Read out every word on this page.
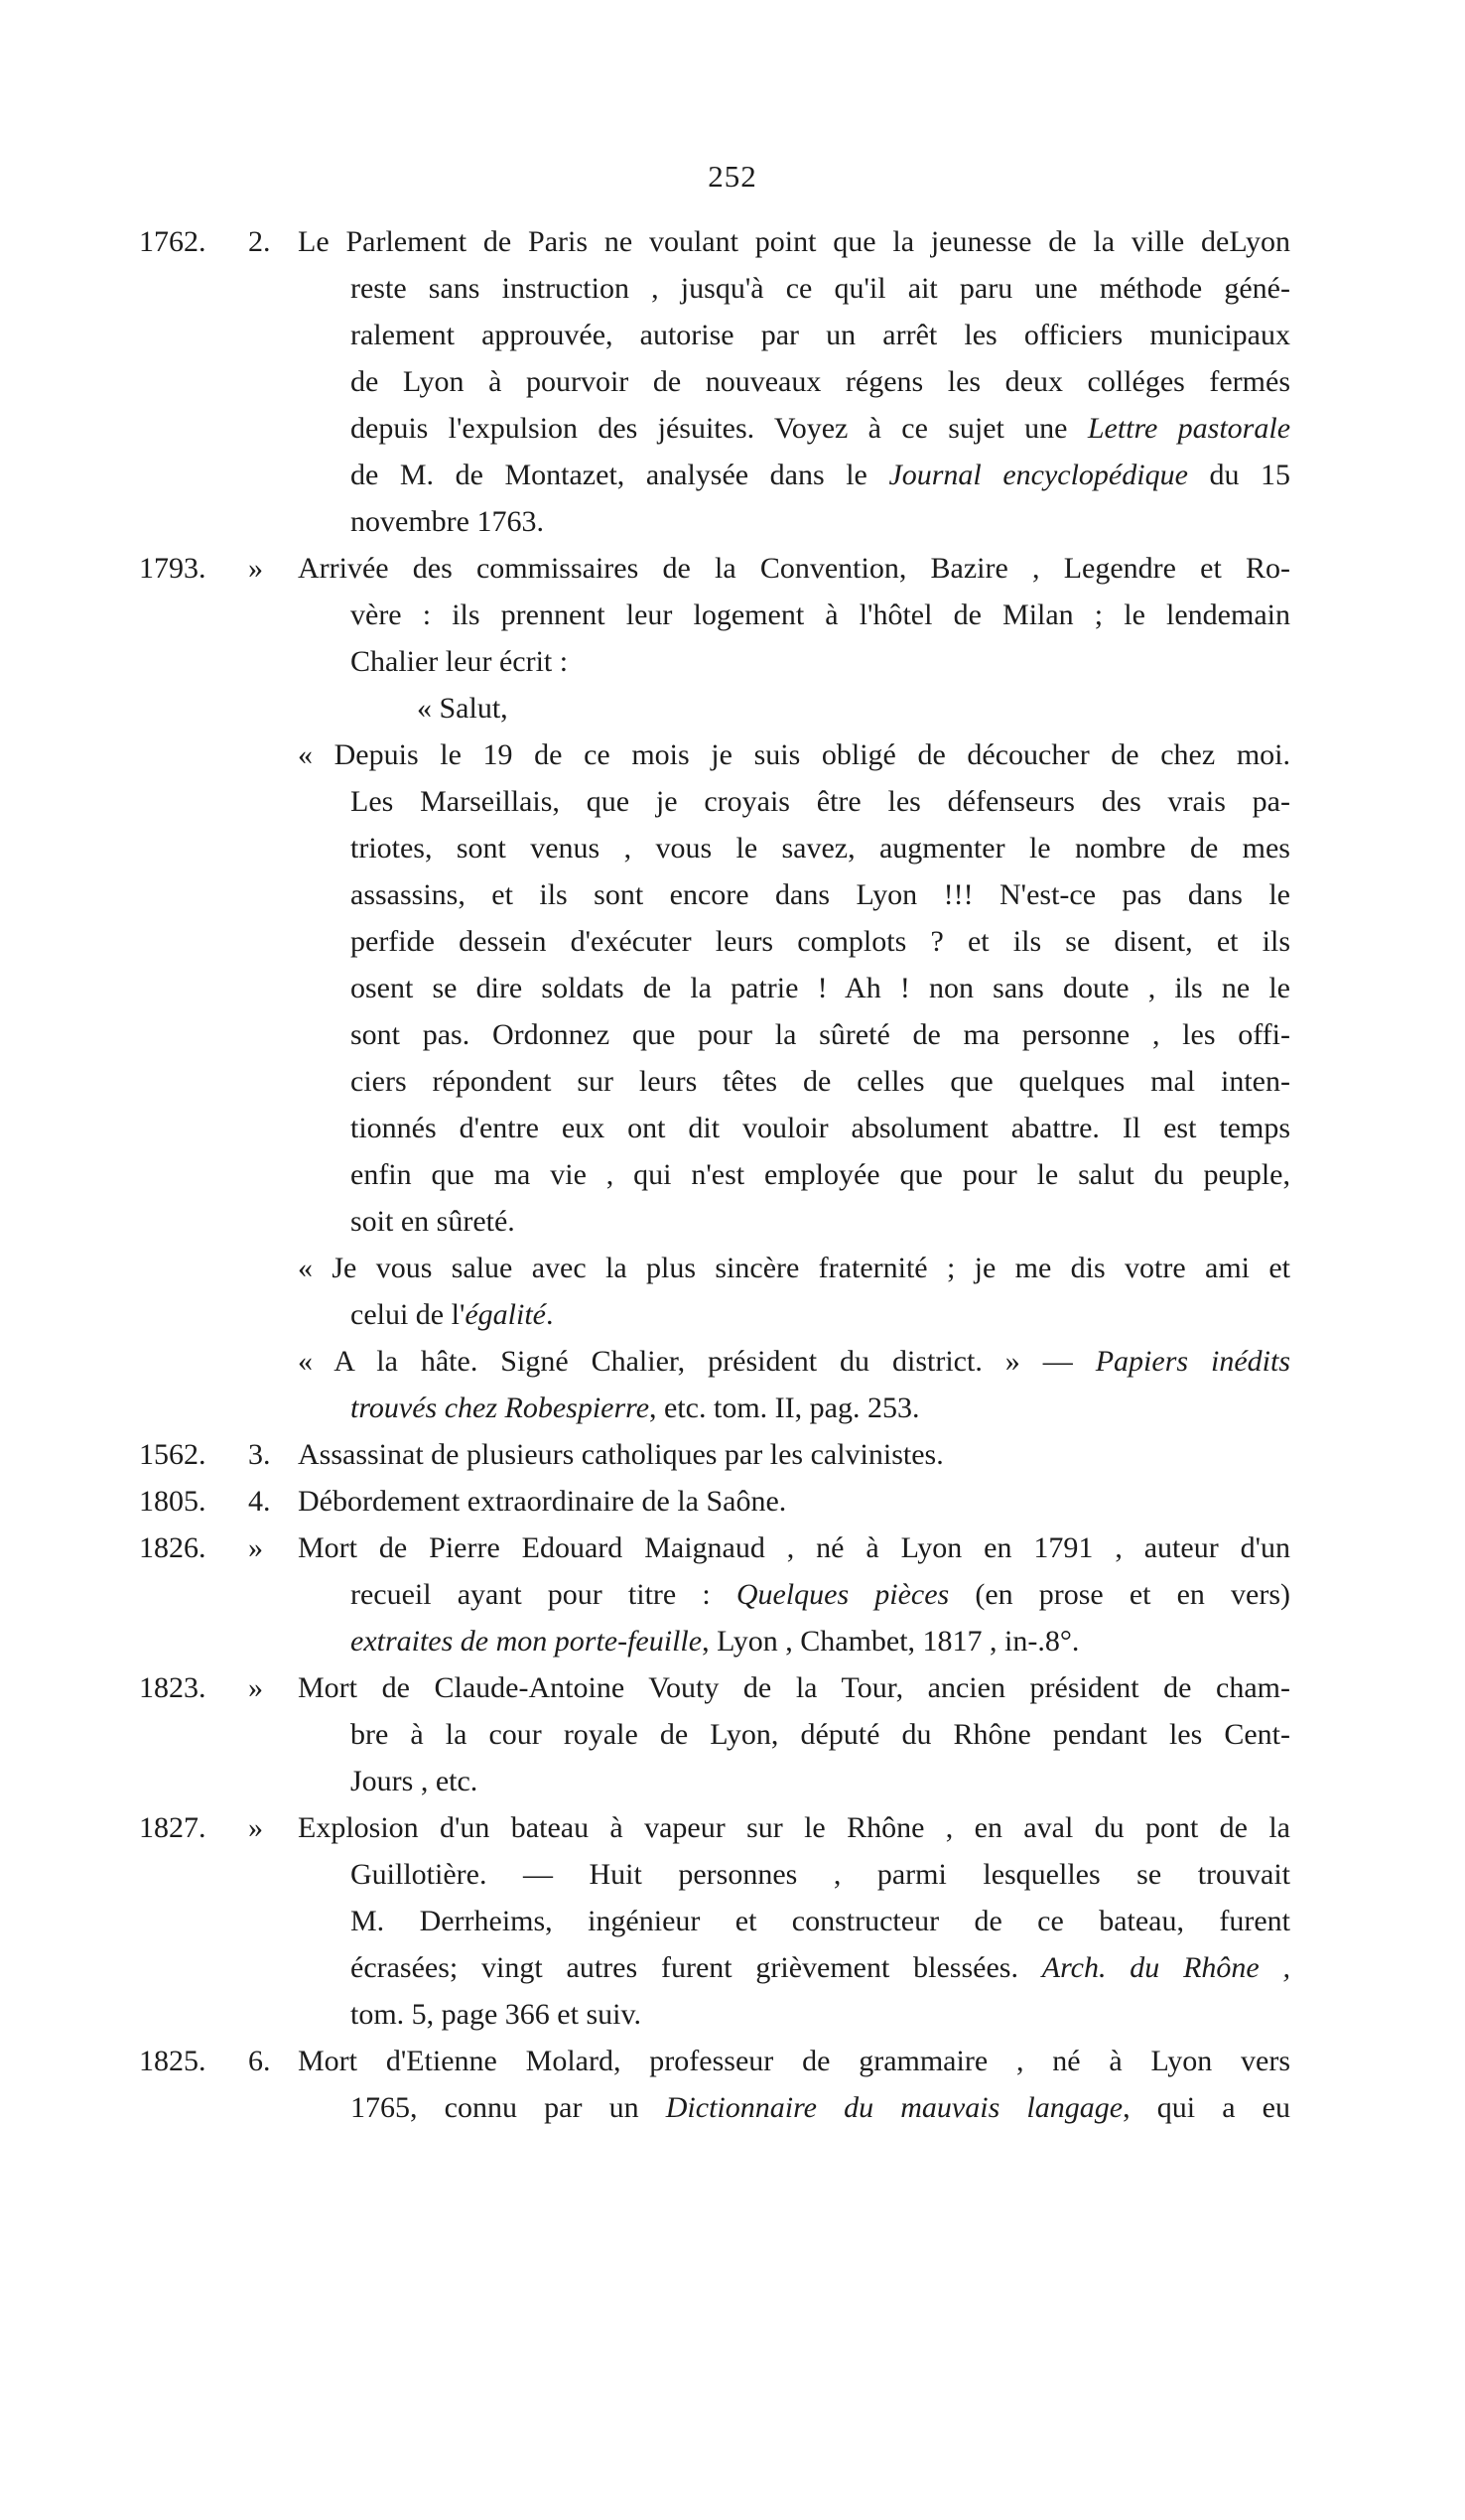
252
1762.	2. Le Parlement de Paris ne voulant point que la jeunesse de la ville deLyon

reste sans instruction , jusqu'à ce qu'il ait paru une méthode géné-

ralement approuvée, autorise par un arrêt les officiers municipaux

de Lyon à pourvoir de nouveaux régens les deux colléges fermés

depuis l'expulsion des jésuites. Voyez à ce sujet une Lettre pastorale

de M. de Montazet, analysée dans le Journal encyclopédique du 15

novembre 1763.

1793.	»	Arrivée des commissaires de la Convention, Bazire , Legendre et Ro-

vère : ils prennent leur logement à l'hôtel de Milan ; le lendemain

Chalier leur écrit :

« Salut,

« Depuis le 19 de ce mois je suis obligé de découcher de chez moi.

Les Marseillais, que je croyais être les défenseurs des vrais pa-

triotes, sont venus , vous le savez, augmenter le nombre de mes

assassins, et ils sont encore dans Lyon !!! N'est-ce pas dans le

perfide dessein d'exécuter leurs complots ? et ils se disent, et ils

osent se dire soldats de la patrie ! Ah ! non sans doute , ils ne le

sont pas. Ordonnez que pour la sûreté de ma personne , les offi-

ciers répondent sur leurs têtes de celles que quelques mal inten-

tionnés d'entre eux ont dit vouloir absolument abattre. Il est temps

enfin que ma vie , qui n'est employée que pour le salut du peuple,

soit en sûreté.

« Je vous salue avec la plus sincère fraternité ; je me dis votre ami et

celui de l'égalité.

« A la hâte. Signé Chalier, président du district. » — Papiers inédits

trouvés chez Robespierre, etc. tom. II, pag. 253.

1562.	3. Assassinat de plusieurs catholiques par les calvinistes.

1805.	4. Débordement extraordinaire de la Saône.

1826.	»	Mort de Pierre Edouard Maignaud , né à Lyon en 1791 , auteur d'un

recueil ayant pour titre : Quelques pièces (en prose et en vers)

extraites de mon porte-feuille, Lyon , Chambet, 1817 , in-.8°.

1823.	»	Mort de Claude-Antoine Vouty de la Tour, ancien président de cham-

bre à la cour royale de Lyon, député du Rhône pendant les Cent-

Jours , etc.

1827.	»	Explosion d'un bateau à vapeur sur le Rhône , en aval du pont de la

Guillotière. — Huit personnes , parmi lesquelles se trouvait

M. Derrheims, ingénieur et constructeur de ce bateau, furent

écrasées; vingt autres furent grièvement blessées. Arch. du Rhône ,

tom. 5, page 366 et suiv.

1825.	6. Mort d'Etienne Molard, professeur de grammaire , né à Lyon vers

1765, connu par un Dictionnaire du mauvais langage, qui a eu
